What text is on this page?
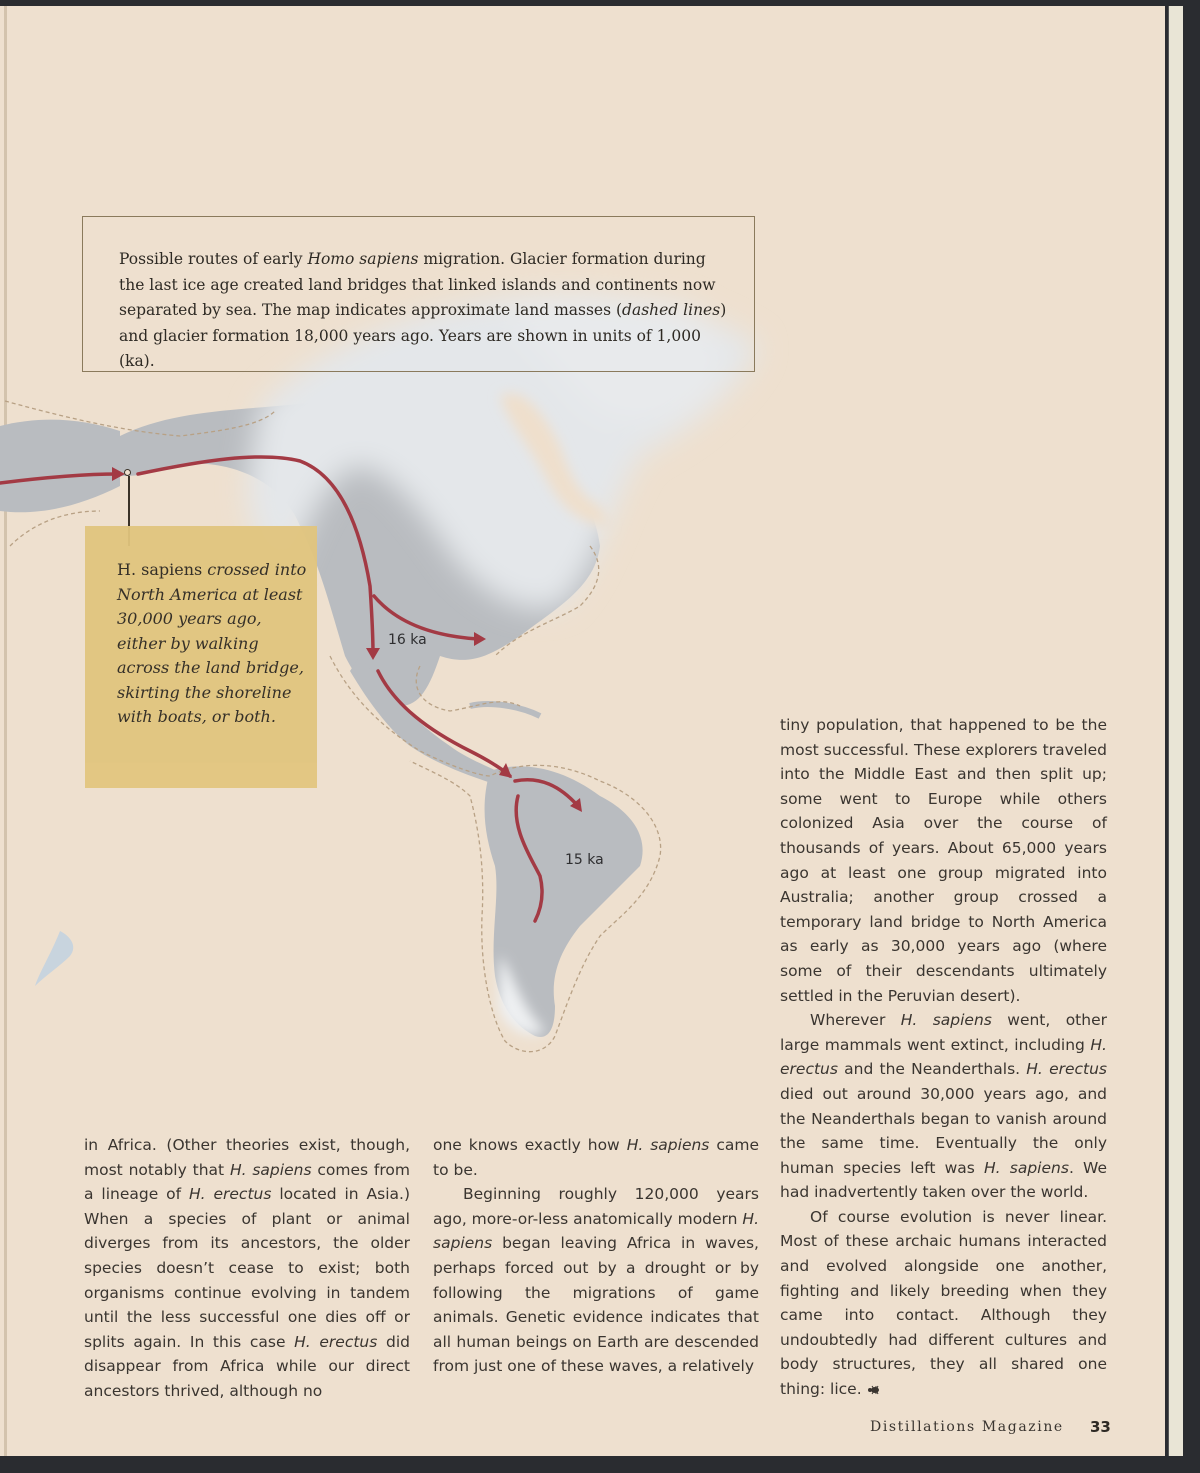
16 ka
15 ka
Possible routes of early Homo sapiens migration. Glacier formation during the last ice age created land bridges that linked islands and continents now separated by sea. The map indicates approximate land masses (dashed lines) and glacier formation 18,000 years ago. Years are shown in units of 1,000 (ka).
H. sapiens crossed into North America at least 30,000 years ago, either by walking across the land bridge, skirting the shoreline with boats, or both.

in Africa. (Other theories exist, though, most notably that H. sapiens comes from a lineage of H. erectus located in Asia.) When a species of plant or animal diverges from its ancestors, the older species doesn’t cease to exist; both organisms continue evolving in tandem until the less successful one dies off or splits again. In this case H. erectus did disappear from Africa while our direct ancestors thrived, although no

one knows exactly how H. sapiens came to be.

Beginning roughly 120,000 years ago, more-or-less anatomically modern H. sapiens began leaving Africa in waves, perhaps forced out by a drought or by following the migrations of game animals. Genetic evidence indicates that all human beings on Earth are descended from just one of these waves, a relatively

tiny population, that happened to be the most successful. These explorers traveled into the Middle East and then split up; some went to Europe while others colonized Asia over the course of thousands of years. About 65,000 years ago at least one group migrated into Australia; another group crossed a temporary land bridge to North America as early as 30,000 years ago (where some of their descendants ultimately settled in the Peruvian desert).

Wherever H. sapiens went, other large mammals went extinct, including H. erectus and the Neanderthals. H. erectus died out around 30,000 years ago, and the Neanderthals began to vanish around the same time. Eventually the only human species left was H. sapiens. We had inadvertently taken over the world.

Of course evolution is never linear. Most of these archaic humans interacted and evolved alongside one another, fighting and likely breeding when they came into contact. Although they undoubtedly had different cultures and body structures, they all shared one thing: lice.

Distillations Magazine 33
